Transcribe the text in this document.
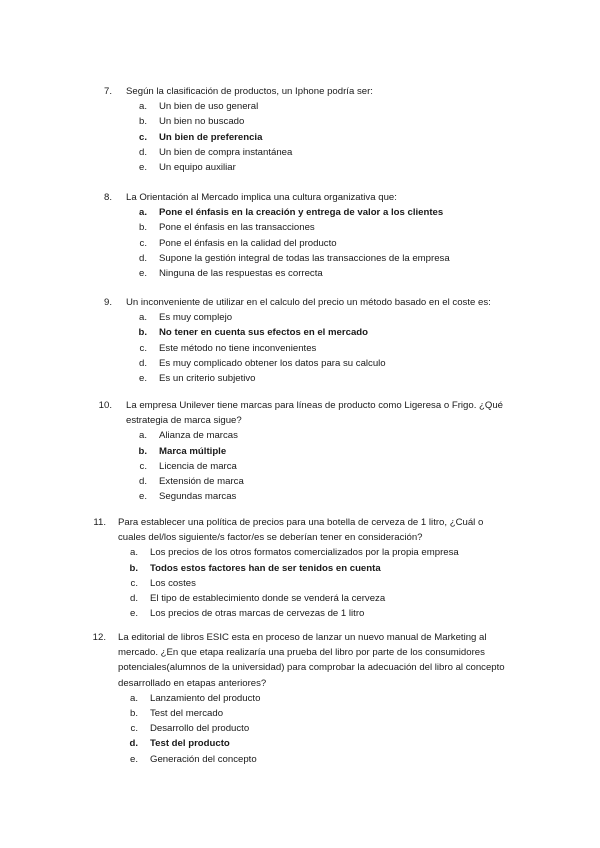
7. Según la clasificación de productos, un Iphone podría ser:
a. Un bien de uso general
b. Un bien no buscado
c. Un bien de preferencia
d. Un bien de compra instantánea
e. Un equipo auxiliar
8. La Orientación al Mercado implica una cultura organizativa que:
a. Pone el énfasis en la creación y entrega de valor a los clientes
b. Pone el énfasis en las transacciones
c. Pone el énfasis en la calidad del producto
d. Supone la gestión integral de todas las transacciones de la empresa
e. Ninguna de las respuestas es correcta
9. Un inconveniente de utilizar en el calculo del precio un método basado en el coste es:
a. Es muy complejo
b. No tener en cuenta sus efectos en el mercado
c. Este método no tiene inconvenientes
d. Es muy complicado obtener los datos para su calculo
e. Es un criterio subjetivo
10. La empresa Unilever tiene marcas para líneas de producto como Ligeresa o Frigo. ¿Qué estrategia de marca sigue?
a. Alianza de marcas
b. Marca múltiple
c. Licencia de marca
d. Extensión de marca
e. Segundas marcas
11. Para establecer una política de precios para una botella de cerveza de 1 litro, ¿Cuál o cuales del/los siguiente/s factor/es se deberían tener en consideración?
a. Los precios de los otros formatos comercializados por la propia empresa
b. Todos estos factores han de ser tenidos en cuenta
c. Los costes
d. El tipo de establecimiento donde se venderá la cerveza
e. Los precios de otras marcas de cervezas de 1 litro
12. La editorial de libros ESIC esta en proceso de lanzar un nuevo manual de Marketing al mercado. ¿En que etapa realizaría una prueba del libro por parte de los consumidores potenciales(alumnos de la universidad) para comprobar la adecuación del libro al concepto desarrollado en etapas anteriores?
a. Lanzamiento del producto
b. Test del mercado
c. Desarrollo del producto
d. Test del producto
e. Generación del concepto
